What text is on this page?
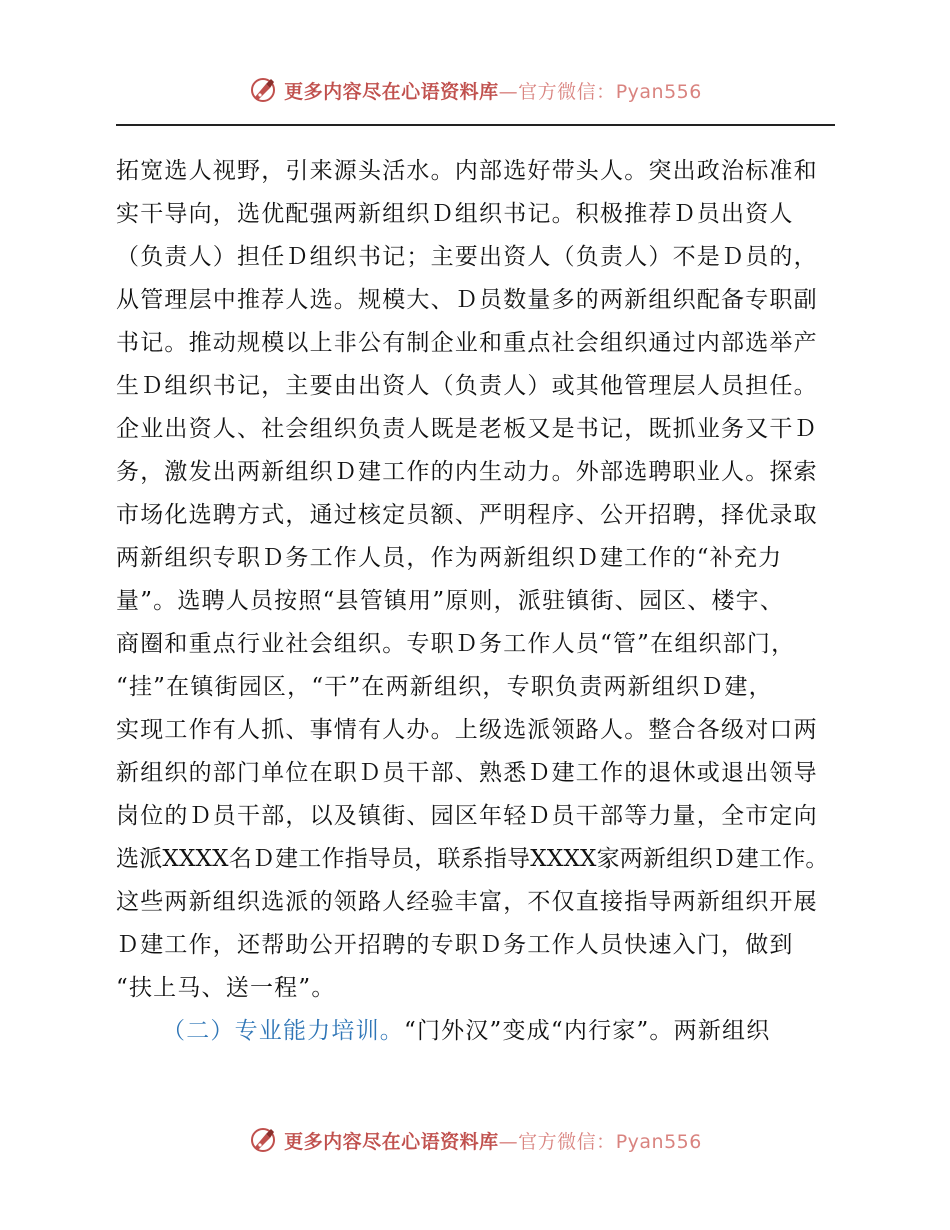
更多内容尽在心语资料库—官方微信：Pyan556
拓宽选人视野，引来源头活水。内部选好带头人。突出政治标准和
实干导向，选优配强两新组织Ｄ组织书记。积极推荐Ｄ员出资人
（负责人）担任Ｄ组织书记；主要出资人（负责人）不是Ｄ员的，
从管理层中推荐人选。规模大、Ｄ员数量多的两新组织配备专职副
书记。推动规模以上非公有制企业和重点社会组织通过内部选举产
生Ｄ组织书记，主要由出资人（负责人）或其他管理层人员担任。
企业出资人、社会组织负责人既是老板又是书记，既抓业务又干Ｄ
务，激发出两新组织Ｄ建工作的内生动力。外部选聘职业人。探索
市场化选聘方式，通过核定员额、严明程序、公开招聘，择优录取
两新组织专职Ｄ务工作人员，作为两新组织Ｄ建工作的“补充力
量”。选聘人员按照“县管镇用”原则，派驻镇街、园区、楼宇、
商圈和重点行业社会组织。专职Ｄ务工作人员“管”在组织部门，
“挂”在镇街园区，“干”在两新组织，专职负责两新组织Ｄ建，
实现工作有人抓、事情有人办。上级选派领路人。整合各级对口两
新组织的部门单位在职Ｄ员干部、熟悉Ｄ建工作的退休或退出领导
岗位的Ｄ员干部，以及镇街、园区年轻Ｄ员干部等力量，全市定向
选派XXXX名Ｄ建工作指导员，联系指导XXXX家两新组织Ｄ建工作。
这些两新组织选派的领路人经验丰富，不仅直接指导两新组织开展
Ｄ建工作，还帮助公开招聘的专职Ｄ务工作人员快速入门，做到
“扶上马、送一程”。
（二）专业能力培训。“门外汉”变成“内行家”。两新组织
更多内容尽在心语资料库—官方微信：Pyan556
